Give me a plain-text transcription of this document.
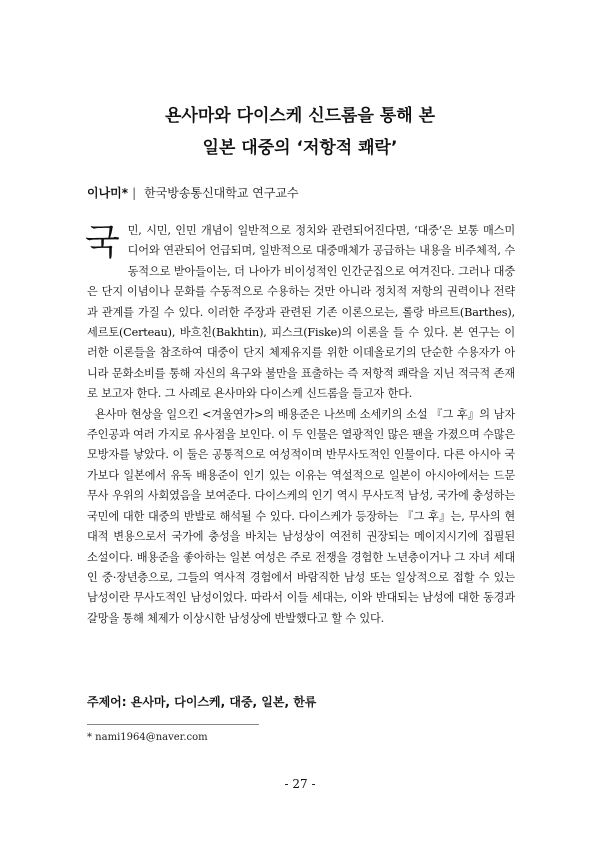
욘사마와 다이스케 신드롬을 통해 본
일본 대중의 ‘저항적 쾌락’
이나미* | 한국방송통신대학교 연구교수

국민, 시민, 인민 개념이 일반적으로 정치와 관련되어진다면, ‘대중’은 보통 매스미디어와 연관되어 언급되며, 일반적으로 대중매체가 공급하는 내용을 비주체적, 수동적으로 받아들이는, 더 나아가 비이성적인 인간군집으로 여겨진다. 그러나 대중은 단지 이념이나 문화를 수동적으로 수용하는 것만 아니라 정치적 저항의 권력이나 전략과 관계를 가질 수 있다. 이러한 주장과 관련된 기존 이론으로는, 롤랑 바르트(Barthes), 세르토(Certeau), 바흐친(Bakhtin), 피스크(Fiske)의 이론을 들 수 있다. 본 연구는 이러한 이론들을 참조하여 대중이 단지 체제유지를 위한 이데올로기의 단순한 수용자가 아니라 문화소비를 통해 자신의 욕구와 불만을 표출하는 즉 저항적 쾌락을 지닌 적극적 존재로 보고자 한다. 그 사례로 욘사마와 다이스케 신드롬을 들고자 한다.

욘사마 현상을 일으킨 <겨울연가>의 배용준은 나쓰메 소세키의 소설 『그 후』의 남자 주인공과 여러 가지로 유사점을 보인다. 이 두 인물은 열광적인 많은 팬을 가졌으며 수많은 모방자를 낳았다. 이 둘은 공통적으로 여성적이며 반무사도적인 인물이다. 다른 아시아 국가보다 일본에서 유독 배용준이 인기 있는 이유는 역설적으로 일본이 아시아에서는 드문 무사 우위의 사회였음을 보여준다. 다이스케의 인기 역시 무사도적 남성, 국가에 충성하는 국민에 대한 대중의 반발로 해석될 수 있다. 다이스케가 등장하는 『그 후』는, 무사의 현대적 변용으로서 국가에 충성을 바치는 남성상이 여전히 권장되는 메이지시기에 집필된 소설이다. 배용준을 좋아하는 일본 여성은 주로 전쟁을 경험한 노년층이거나 그 자녀 세대인 중·장년층으로, 그들의 역사적 경험에서 바람직한 남성 또는 일상적으로 접할 수 있는 남성이란 무사도적인 남성이었다. 따라서 이들 세대는, 이와 반대되는 남성에 대한 동경과 갈망을 통해 체제가 이상시한 남성상에 반발했다고 할 수 있다.

주제어: 욘사마, 다이스케, 대중, 일본, 한류
* nami1964@naver.com
- 27 -
